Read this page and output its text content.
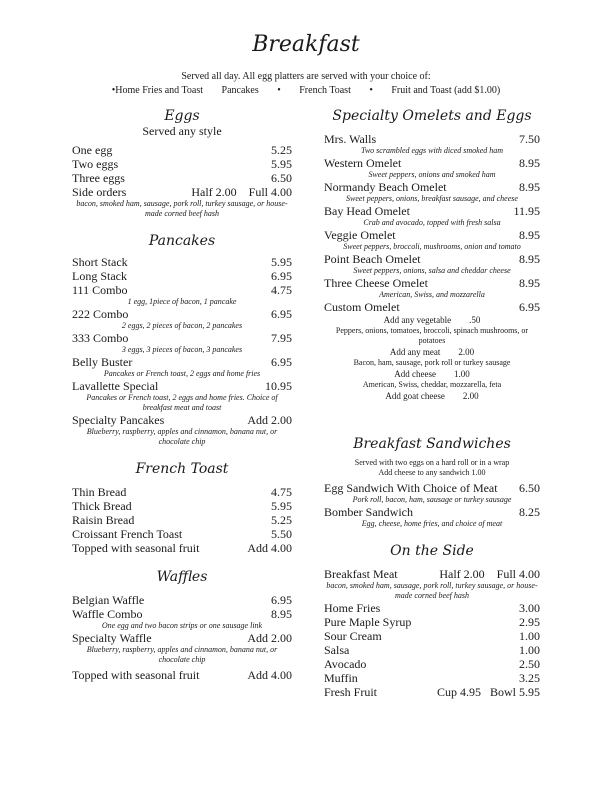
Breakfast
Served all day. All egg platters are served with your choice of:
•Home Fries and Toast Pancakes • French Toast • Fruit and Toast (add $1.00)
Eggs
Served any style
One egg	5.25
Two eggs	5.95
Three eggs	6.50
Side orders	Half 2.00    Full 4.00
bacon, smoked ham, sausage, pork roll, turkey sausage, or house-made corned beef hash
Pancakes
Short Stack	5.95
Long Stack	6.95
111 Combo	4.75
1 egg, 1piece of bacon, 1 pancake
222 Combo	6.95
2 eggs, 2 pieces of bacon, 2 pancakes
333 Combo	7.95
3 eggs, 3 pieces of bacon, 3 pancakes
Belly Buster	6.95
Pancakes or French toast, 2 eggs and home fries
Lavallette Special	10.95
Pancakes or French toast, 2 eggs and home fries. Choice of breakfast meat and toast
Specialty Pancakes	Add 2.00
Blueberry, raspberry, apples and cinnamon, banana nut, or chocolate chip
French Toast
Thin Bread	4.75
Thick Bread	5.95
Raisin Bread	5.25
Croissant French Toast	5.50
Topped with seasonal fruit	Add 4.00
Waffles
Belgian Waffle	6.95
Waffle Combo	8.95
One egg and two bacon strips or one sausage link
Specialty Waffle	Add 2.00
Blueberry, raspberry, apples and cinnamon, banana nut, or chocolate chip
Topped with seasonal fruit	Add 4.00
Specialty Omelets and Eggs
Mrs. Walls	7.50
Two scrambled eggs with diced smoked ham
Western Omelet	8.95
Sweet peppers, onions and smoked ham
Normandy Beach Omelet	8.95
Sweet peppers, onions, breakfast sausage, and cheese
Bay Head Omelet	11.95
Crab and avocado, topped with fresh salsa
Veggie Omelet	8.95
Sweet peppers, broccoli, mushrooms, onion and tomato
Point Beach Omelet	8.95
Sweet peppers, onions, salsa and cheddar cheese
Three Cheese Omelet	8.95
American, Swiss, and mozzarella
Custom Omelet	6.95
Add any vegetable .50
Peppers, onions, tomatoes, broccoli, spinach mushrooms, or potatoes
Add any meat 2.00
Bacon, ham, sausage, pork roll or turkey sausage
Add cheese 1.00
American, Swiss, cheddar, mozzarella, feta
Add goat cheese 2.00
Breakfast Sandwiches
Served with two eggs on a hard roll or in a wrap
Add cheese to any sandwich 1.00
Egg Sandwich With Choice of Meat 6.50
Pork roll, bacon, ham, sausage or turkey sausage
Bomber Sandwich	8.25
Egg, cheese, home fries, and choice of meat
On the Side
Breakfast Meat	Half 2.00    Full 4.00
bacon, smoked ham, sausage, pork roll, turkey sausage, or house-made corned beef hash
Home Fries	3.00
Pure Maple Syrup	2.95
Sour Cream	1.00
Salsa	1.00
Avocado	2.50
Muffin	3.25
Fresh Fruit	Cup 4.95   Bowl 5.95
